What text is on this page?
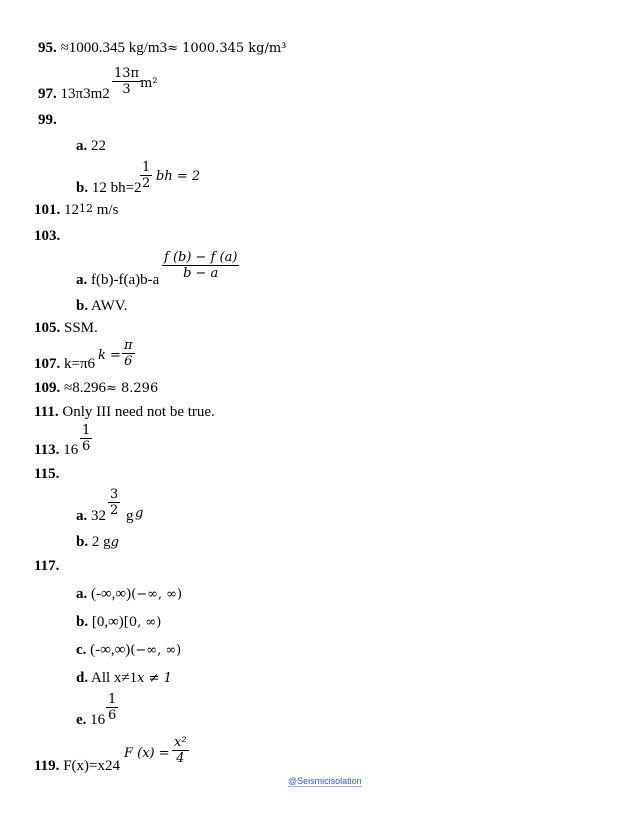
95. ≈1000.345 kg/m3≈ 1000.345 kg/m³
97. $13\pi 3m2 \frac{13\pi}{3}$
m²
99.
a. 22
b. 12 bh=2
$\frac{1}{2}$ bh = 2
101. 1212 m/s
103.
a. $f(b)-f(a)b-a \frac{f (b) - f (a)}{b - a}$
b. AWV.
105. SSM.
107. k=π6
$k = \frac{\pi}{6}$
109. ≈8.296≈ 8.296
111. Only III need not be true.
113. $16 \frac{1}{6}$
115.
a. $32 \frac{3}{2}$ g g
b. 2 gg
117.
a. (-∞,∞)(−∞, ∞)
b. [0,∞)[0, ∞)
c. (-∞,∞)(−∞, ∞)
d. All x≠1x ≠ 1
e. $16 \frac{1}{6}$
119. F(x)=x24
F $(x) = \frac{\text{x²}}{4}$
@Seismicisolation
